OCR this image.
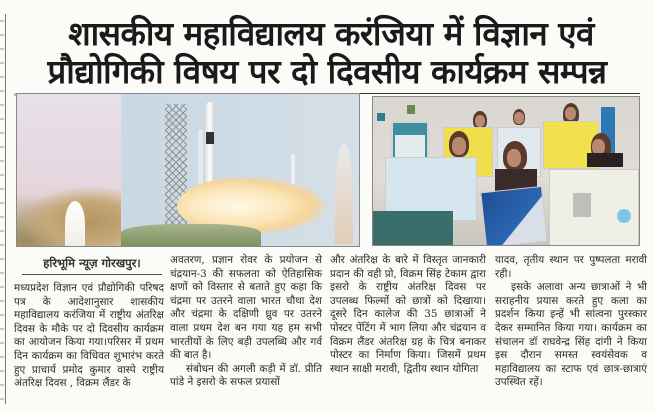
शासकीय महाविद्यालय करंजिया में विज्ञान एवं
प्रौद्योगिकी विषय पर दो दिवसीय कार्यक्रम सम्पन्न
हरिभूमि न्यूज़ गोरखपुर।

मध्यप्रदेश विज्ञान एवं प्रौद्योगिकी परिषद पत्र के आदेशानुसार शासकीय महाविद्यालय करंजिया में राष्ट्रीय अंतरिक्ष दिवस के मौके पर दो दिवसीय कार्यक्रम का आयोजन किया गया।परिसर में प्रथम दिन कार्यक्रम का विधिवत शुभारंभ करते हुए प्राचार्य प्रमोद कुमार वास्पे राष्ट्रीय अंतरिक्ष दिवस , विक्रम लैंडर के

अवतरण, प्रज्ञान रोवर के प्रयोजन से चंद्रयान-3 की सफलता को ऐतिहासिक क्षणों को विस्तार से बताते हुए कहा कि चंद्रमा पर उतरने वाला भारत चौथा देश और चंद्रमा के दक्षिणी ध्रुव पर उतरने वाला प्रथम देश बन गया यह हम सभी भारतीयों के लिए बड़ी उपलब्धि और गर्व की बात है।

संबोधन की अगली कड़ी में डॉ. प्रीति पांडे ने इसरो के सफल प्रयासों

और अंतरिक्ष के बारे में विस्तृत जानकारी प्रदान की वही प्रो, विक्रम सिंह टेकाम द्वारा इसरो के राष्ट्रीय अंतरिक्ष दिवस पर उपलब्ध फिल्मों को छात्रों को दिखाया। दूसरे दिन कालेज की 35 छात्राओं ने पोस्टर पेंटिंग में भाग लिया और चंद्रयान व विक्रम लैंडर अंतरिक्ष ग्रह के चित्र बनाकर पोस्टर का निर्माण किया। जिसमें प्रथम स्थान साक्षी मरावी, द्वितीय स्थान योगिता

यादव, तृतीय स्थान पर पुष्पलता मरावी रही।

इसके अलावा अन्य छात्राओं ने भी सराहनीय प्रयास करते हुए कला का प्रदर्शन किया इन्हें भी सांत्वना पुरस्कार देकर सम्मानित किया गया। कार्यक्रम का संचालन डॉ राघवेन्द्र सिंह दांगी ने किया इस दौरान समस्त स्वयंसेवक व महाविद्यालय का स्टाफ एवं छात्र-छात्राएं उपस्थित रहें।
